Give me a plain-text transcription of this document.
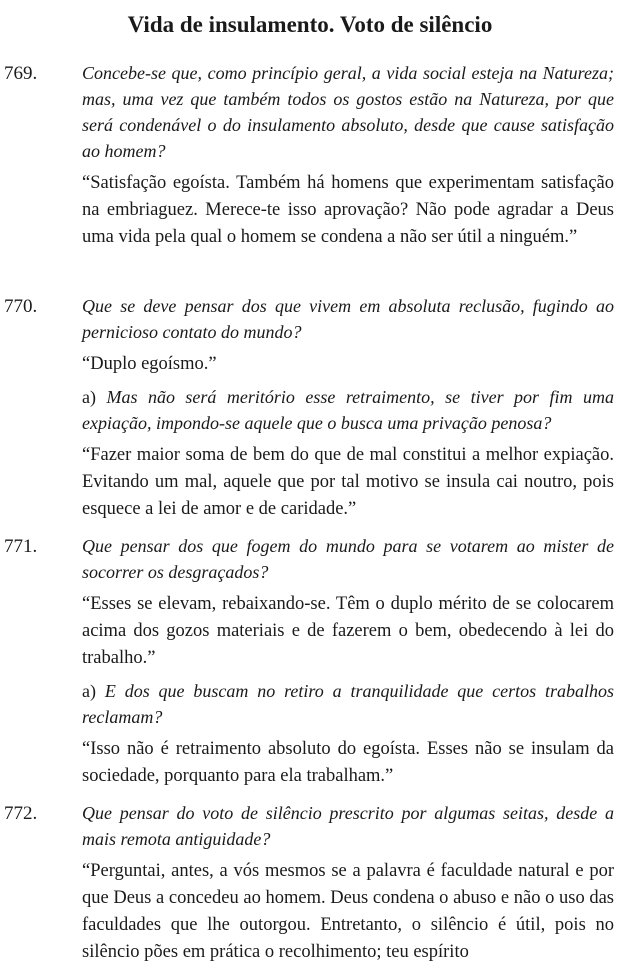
Vida de insulamento. Voto de silêncio
769. Concebe-se que, como princípio geral, a vida social esteja na Natureza; mas, uma vez que também todos os gostos estão na Natureza, por que será condenável o do insulamento absoluto, desde que cause satisfação ao homem?

“Satisfação egoísta. Também há homens que experimentam satisfação na embriaguez. Merece-te isso aprovação? Não pode agradar a Deus uma vida pela qual o homem se condena a não ser útil a ninguém.”

770. Que se deve pensar dos que vivem em absoluta reclusão, fugindo ao pernicioso contato do mundo?

“Duplo egoísmo.”

a) Mas não será meritório esse retraimento, se tiver por fim uma expiação, impondo-se aquele que o busca uma privação penosa?

“Fazer maior soma de bem do que de mal constitui a melhor expiação. Evitando um mal, aquele que por tal motivo se insula cai noutro, pois esquece a lei de amor e de caridade.”

771. Que pensar dos que fogem do mundo para se votarem ao mister de socorrer os desgraçados?

“Esses se elevam, rebaixando-se. Têm o duplo mérito de se colocarem acima dos gozos materiais e de fazerem o bem, obedecendo à lei do trabalho.”

a) E dos que buscam no retiro a tranquilidade que certos trabalhos reclamam?

“Isso não é retraimento absoluto do egoísta. Esses não se insulam da sociedade, porquanto para ela trabalham.”

772. Que pensar do voto de silêncio prescrito por algumas seitas, desde a mais remota antiguidade?

“Perguntai, antes, a vós mesmos se a palavra é faculdade natural e por que Deus a concedeu ao homem. Deus condena o abuso e não o uso das faculdades que lhe outorgou. Entretanto, o silêncio é útil, pois no silêncio pões em prática o recolhimento; teu espírito
